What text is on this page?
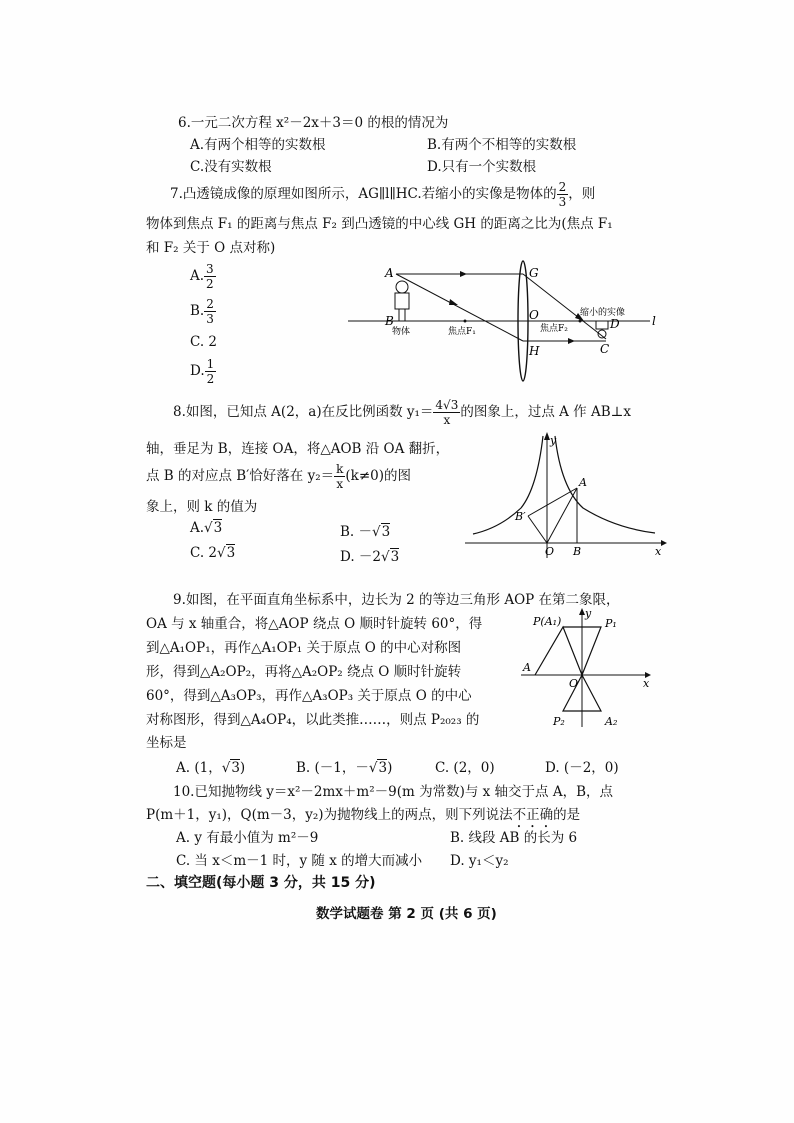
6.一元二次方程 x²－2x＋3＝0 的根的情况为
A.有两个相等的实数根	B.有两个不相等的实数根
C.没有实数根	D.只有一个实数根
7.凸透镜成像的原理如图所示，AG∥l∥HC.若缩小的实像是物体的 $\frac{2}{3}$ ，则
物体到焦点 F₁ 的距离与焦点 F₂ 到凸透镜的中心线 GH 的距离之比为(焦点 F₁
和 F₂ 关于 O 点对称)
A. $\frac{3}{2}$
B. $\frac{2}{3}$
C. 2
D. $\frac{1}{2}$
A
B
G
O
H	C
D	l
物体	焦点F₁	焦点F₂
缩小的实像
8.如图，已知点 A(2，a)在反比例函数 $y_1= \frac{4√3}{x}$ 的图象上，过点 A 作 AB⊥x
轴，垂足为 B，连接 OA，将△AOB 沿 OA 翻折，
点 B 的对应点 B′恰好落在 $y_2= \frac{k}{x} (k\ne 0)$的图
象上，则 k 的值为
A.√3	B. －√3
C. 2√3	D. －2√3
y
x
A
B
B′
O
9.如图，在平面直角坐标系中，边长为 2 的等边三角形 AOP 在第二象限，
OA 与 x 轴重合，将△AOP 绕点 O 顺时针旋转 60°，得
到△A₁OP₁，再作△A₁OP₁ 关于原点 O 的中心对称图
形，得到△A₂OP₂，再将△A₂OP₂ 绕点 O 顺时针旋转
60°，得到△A₃OP₃，再作△A₃OP₃ 关于原点 O 的中心
对称图形，得到△A₄OP₄，以此类推……，则点 P₂₀₂₃ 的
坐标是
P(A₁)	P₁
y
A
O	x
P₂	A₂
A. (1，√3)	B. (－1，－√3)	C. (2，0)	D. (－2，0)
10.已知抛物线 y＝x²－2mx＋m²－9(m 为常数)与 x 轴交于点 A，B，点
P(m＋1，y₁)，Q(m－3，y₂)为抛物线上的两点，则下列说法不正确的是
A. y 有最小值为 m²－9	B. 线段 AB 的长为 6
C. 当 x＜m－1 时，y 随 x 的增大而减小 D. y₁＜y₂
二、填空题(每小题 3 分，共 15 分)
数学试题卷 第 2 页 (共 6 页)
